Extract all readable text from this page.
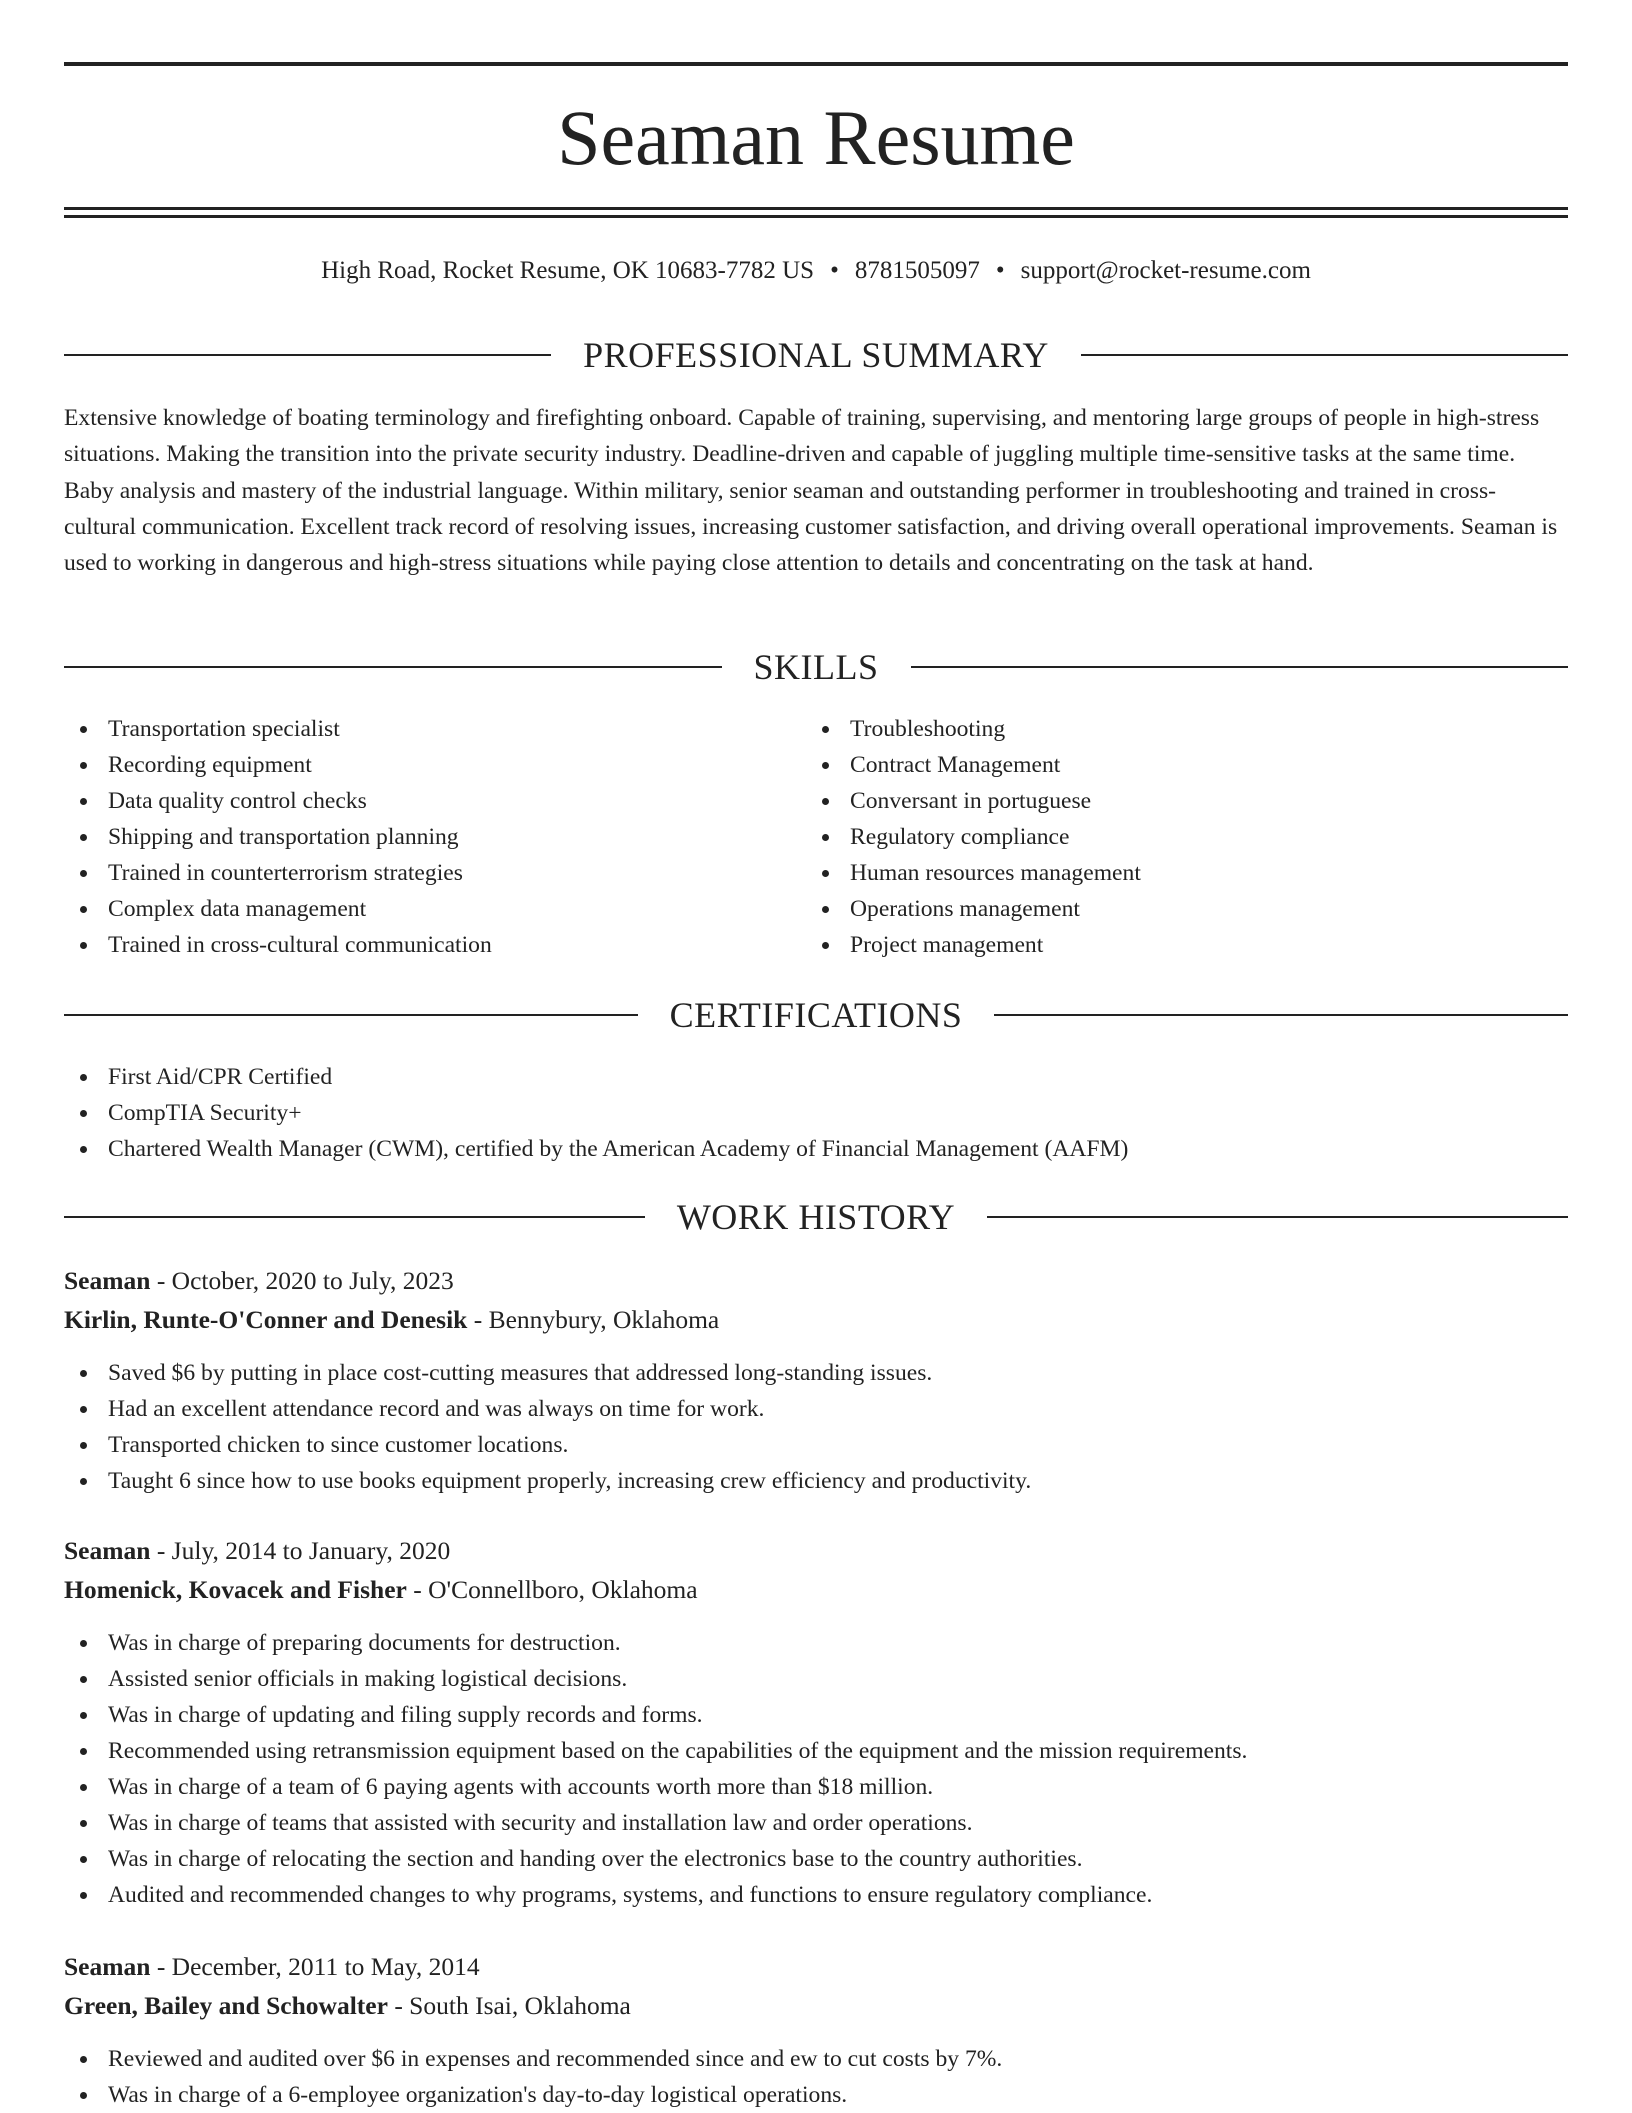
Seaman Resume
High Road, Rocket Resume, OK 10683-7782 US • 8781505097 • support@rocket-resume.com
PROFESSIONAL SUMMARY
Extensive knowledge of boating terminology and firefighting onboard. Capable of training, supervising, and mentoring large groups of people in high-stress situations. Making the transition into the private security industry. Deadline-driven and capable of juggling multiple time-sensitive tasks at the same time. Baby analysis and mastery of the industrial language. Within military, senior seaman and outstanding performer in troubleshooting and trained in cross-cultural communication. Excellent track record of resolving issues, increasing customer satisfaction, and driving overall operational improvements. Seaman is used to working in dangerous and high-stress situations while paying close attention to details and concentrating on the task at hand.
SKILLS
Transportation specialist
Recording equipment
Data quality control checks
Shipping and transportation planning
Trained in counterterrorism strategies
Complex data management
Trained in cross-cultural communication
Troubleshooting
Contract Management
Conversant in portuguese
Regulatory compliance
Human resources management
Operations management
Project management
CERTIFICATIONS
First Aid/CPR Certified
CompTIA Security+
Chartered Wealth Manager (CWM), certified by the American Academy of Financial Management (AAFM)
WORK HISTORY
Seaman - October, 2020 to July, 2023
Kirlin, Runte-O'Conner and Denesik - Bennybury, Oklahoma
Saved $6 by putting in place cost-cutting measures that addressed long-standing issues.
Had an excellent attendance record and was always on time for work.
Transported chicken to since customer locations.
Taught 6 since how to use books equipment properly, increasing crew efficiency and productivity.
Seaman - July, 2014 to January, 2020
Homenick, Kovacek and Fisher - O'Connellboro, Oklahoma
Was in charge of preparing documents for destruction.
Assisted senior officials in making logistical decisions.
Was in charge of updating and filing supply records and forms.
Recommended using retransmission equipment based on the capabilities of the equipment and the mission requirements.
Was in charge of a team of 6 paying agents with accounts worth more than $18 million.
Was in charge of teams that assisted with security and installation law and order operations.
Was in charge of relocating the section and handing over the electronics base to the country authorities.
Audited and recommended changes to why programs, systems, and functions to ensure regulatory compliance.
Seaman - December, 2011 to May, 2014
Green, Bailey and Schowalter - South Isai, Oklahoma
Reviewed and audited over $6 in expenses and recommended since and ew to cut costs by 7%.
Was in charge of a 6-employee organization's day-to-day logistical operations.
